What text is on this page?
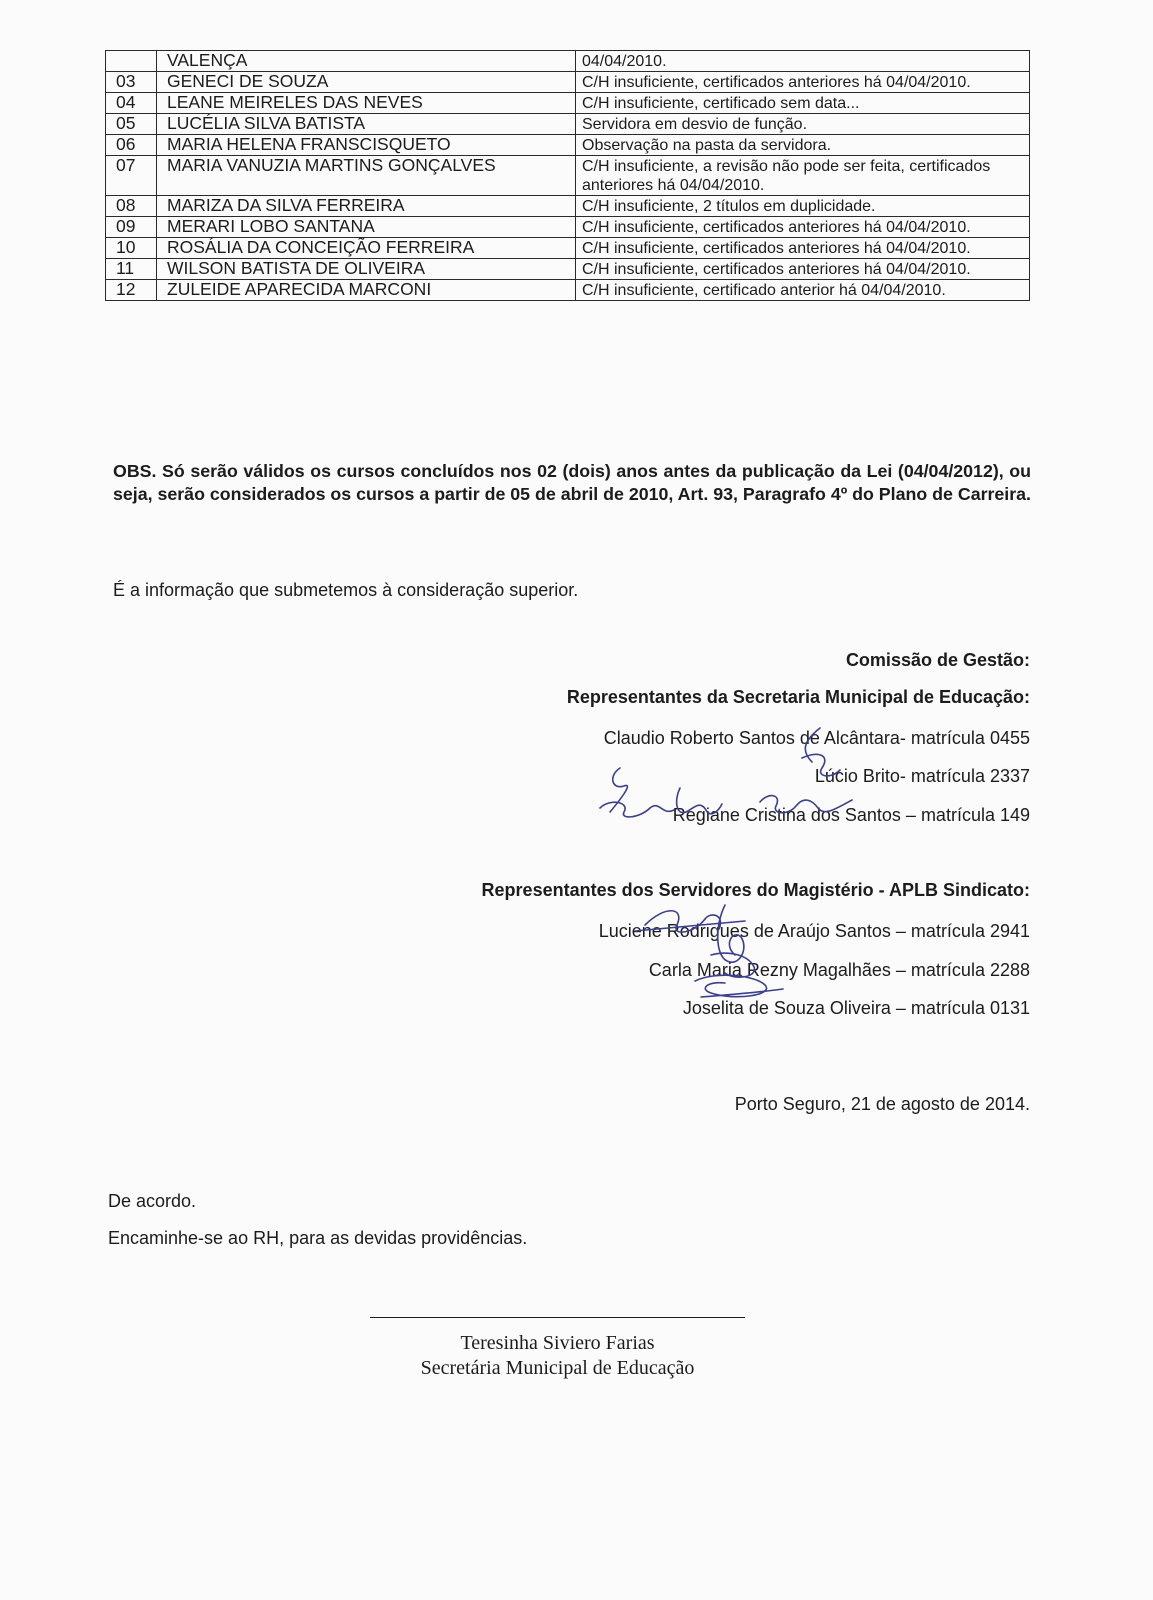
	VALENÇA	04/04/2010.
03	GENECI DE SOUZA	C/H insuficiente, certificados anteriores há 04/04/2010.
04	LEANE MEIRELES DAS NEVES	C/H insuficiente, certificado sem data...
05	LUCÉLIA SILVA BATISTA	Servidora em desvio de função.
06	MARIA HELENA FRANSCISQUETO	Observação na pasta da servidora.
07	MARIA VANUZIA MARTINS GONÇALVES	C/H insuficiente, a revisão não pode ser feita, certificados anteriores há 04/04/2010.
08	MARIZA DA SILVA FERREIRA	C/H insuficiente, 2 títulos em duplicidade.
09	MERARI LOBO SANTANA	C/H insuficiente, certificados anteriores há 04/04/2010.
10	ROSÁLIA DA CONCEIÇÃO FERREIRA	C/H insuficiente, certificados anteriores há 04/04/2010.
11	WILSON BATISTA DE OLIVEIRA	C/H insuficiente, certificados anteriores há 04/04/2010.
12	ZULEIDE APARECIDA MARCONI	C/H insuficiente, certificado anterior há 04/04/2010.
OBS. Só serão válidos os cursos concluídos nos 02 (dois) anos antes da publicação da Lei (04/04/2012), ou seja, serão considerados os cursos a partir de 05 de abril de 2010, Art. 93, Paragrafo 4º do Plano de Carreira.
É a informação que submetemos à consideração superior.
Comissão de Gestão:
Representantes da Secretaria Municipal de Educação:
Claudio Roberto Santos de Alcântara- matrícula 0455
Lúcio Brito- matrícula 2337
Regiane Cristina dos Santos – matrícula 149
Representantes dos Servidores do Magistério - APLB Sindicato:
Luciene Rodrigues de Araújo Santos – matrícula 2941
Carla Maria Rezny Magalhães – matrícula 2288
Joselita de Souza Oliveira – matrícula 0131
Porto Seguro, 21 de agosto de 2014.
De acordo.
Encaminhe-se ao RH, para as devidas providências.
Teresinha Siviero Farias
Secretária Municipal de Educação
